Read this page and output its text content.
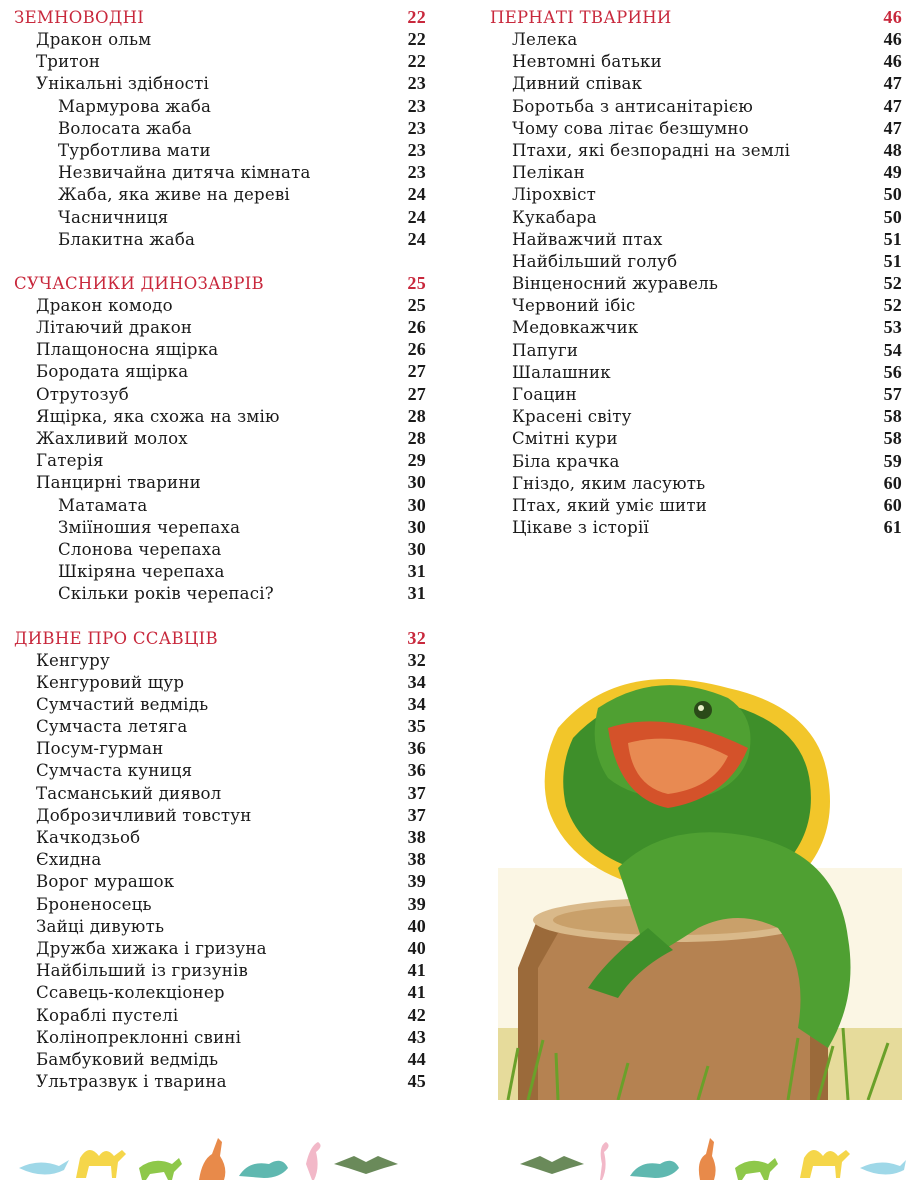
ЗЕМНОВОДНІ	22
Дракон ольм	22
Тритон	22
Унікальні здібності	23
Мармурова жаба	23
Волосата жаба	23
Турботлива мати	23
Незвичайна дитяча кімната	23
Жаба, яка живе на дереві	24
Часничниця	24
Блакитна жаба	24
СУЧАСНИКИ ДИНОЗАВРІВ	25
Дракон комодо	25
Літаючий дракон	26
Плащоносна ящірка	26
Бородата ящірка	27
Отрутозуб	27
Ящірка, яка схожа на змію	28
Жахливий молох	28
Гатерія	29
Панцирні тварини	30
Матамата	30
Зміїношия черепаха	30
Слонова черепаха	30
Шкіряна черепаха	31
Скільки років черепасі?	31
ДИВНЕ ПРО ССАВЦІВ	32
Кенгуру	32
Кенгуровий щур	34
Сумчастий ведмідь	34
Сумчаста летяга	35
Посум-гурман	36
Сумчаста куниця	36
Тасманський диявол	37
Доброзичливий товстун	37
Качкодзьоб	38
Єхидна	38
Ворог мурашок	39
Броненосець	39
Зайці дивують	40
Дружба хижака і гризуна	40
Найбільший із гризунів	41
Ссавець-колекціонер	41
Кораблі пустелі	42
Колінопреклонні свині	43
Бамбуковий ведмідь	44
Ультразвук і тварина	45
ПЕРНАТІ ТВАРИНИ	46
Лелека	46
Невтомні батьки	46
Дивний співак	47
Боротьба з антисанітарією	47
Чому сова літає безшумно	47
Птахи, які безпорадні на землі	48
Пелікан	49
Лірохвіст	50
Кукабара	50
Найважчий птах	51
Найбільший голуб	51
Вінценосний журавель	52
Червоний ібіс	52
Медовкажчик	53
Папуги	54
Шалашник	56
Гоацин	57
Красені світу	58
Смітні кури	58
Біла крачка	59
Гніздо, яким ласують	60
Птах, який уміє шити	60
Цікаве з історії	61
